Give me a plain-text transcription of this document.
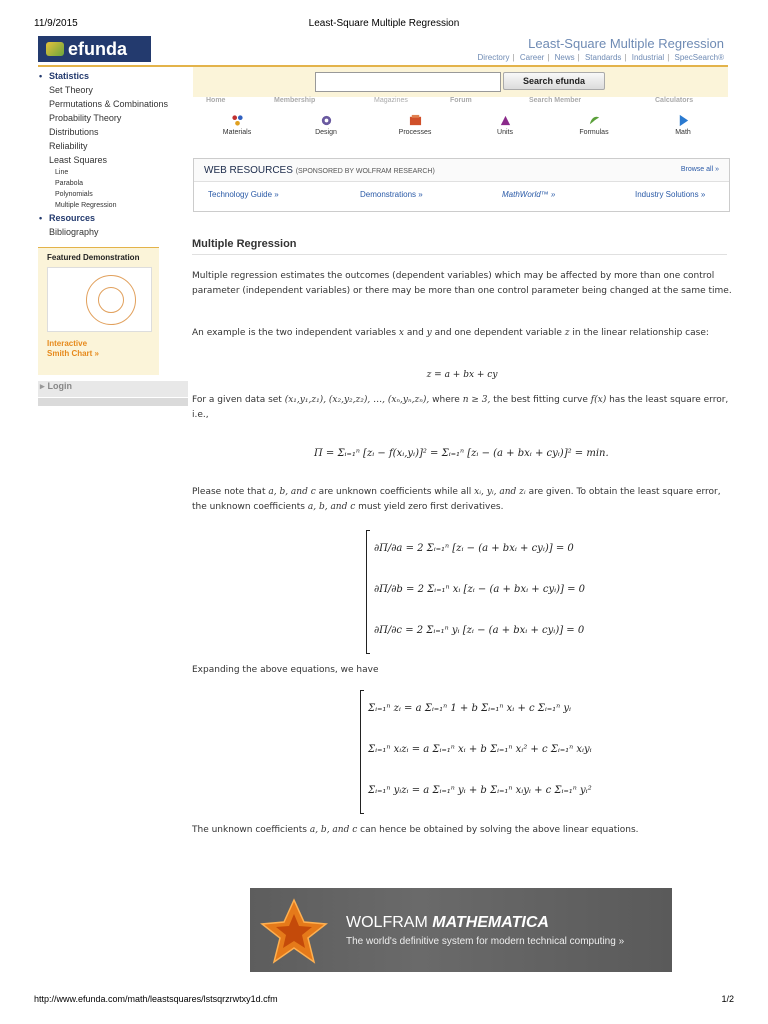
11/9/2015	Least-Square Multiple Regression
efunda	Least-Square Multiple Regression
Directory | Career | News | Standards | Industrial | SpecSearch®
• Statistics
Set Theory
Permutations & Combinations
Probability Theory
Distributions
Reliability
Least Squares
Line
Parabola
Polynomials
Multiple Regression
• Resources
Bibliography
Featured Demonstration
Interactive
Smith Chart »
▸ Login
Search efunda
Home	Membership	Magazines	Forum	Search Member	Calculators
Materials	Design	Processes	Units	Formulas	Math
WEB RESOURCES (SPONSORED BY WOLFRAM RESEARCH)	Browse all »
Technology Guide »	Demonstrations »	MathWorld™ »	Industry Solutions »
Multiple Regression
Multiple regression estimates the outcomes (dependent variables) which may be affected by more than one control parameter (independent variables) or there may be more than one control parameter being changed at the same time.
An example is the two independent variables x and y and one dependent variable z in the linear relationship case:
z = a + bx + cy
For a given data set (x₁,y₁,z₁), (x₂,y₂,z₂), …, (xₙ,yₙ,zₙ), where n ≥ 3, the best fitting curve f(x) has the least square error, i.e.,
Π = Σᵢ₌₁ⁿ [zᵢ − f(xᵢ,yᵢ)]² = Σᵢ₌₁ⁿ [zᵢ − (a + bxᵢ + cyᵢ)]² = min.
Please note that a, b, and c are unknown coefficients while all xᵢ, yᵢ, and zᵢ are given. To obtain the least square error, the unknown coefficients a, b, and c must yield zero first derivatives.
∂Π/∂a = 2 Σᵢ₌₁ⁿ [zᵢ − (a + bxᵢ + cyᵢ)] = 0
∂Π/∂b = 2 Σᵢ₌₁ⁿ xᵢ [zᵢ − (a + bxᵢ + cyᵢ)] = 0
∂Π/∂c = 2 Σᵢ₌₁ⁿ yᵢ [zᵢ − (a + bxᵢ + cyᵢ)] = 0
Expanding the above equations, we have
Σᵢ₌₁ⁿ zᵢ = a Σᵢ₌₁ⁿ 1 + b Σᵢ₌₁ⁿ xᵢ + c Σᵢ₌₁ⁿ yᵢ
Σᵢ₌₁ⁿ xᵢzᵢ = a Σᵢ₌₁ⁿ xᵢ + b Σᵢ₌₁ⁿ xᵢ² + c Σᵢ₌₁ⁿ xᵢyᵢ
Σᵢ₌₁ⁿ yᵢzᵢ = a Σᵢ₌₁ⁿ yᵢ + b Σᵢ₌₁ⁿ xᵢyᵢ + c Σᵢ₌₁ⁿ yᵢ²
The unknown coefficients a, b, and c can hence be obtained by solving the above linear equations.
WOLFRAM MATHEMATICA
The world's definitive system for modern technical computing »
http://www.efunda.com/math/leastsquares/lstsqrzrwtxy1d.cfm	1/2
